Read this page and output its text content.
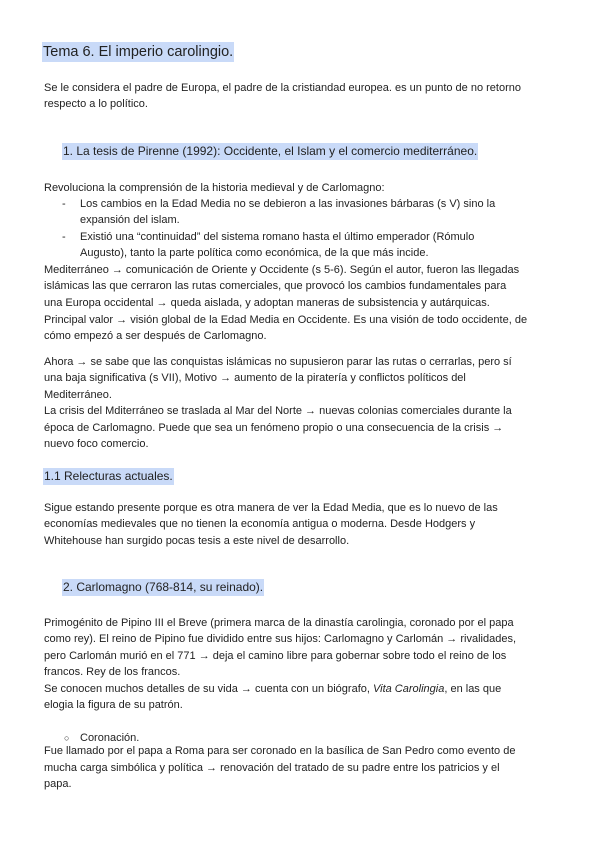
Tema 6. El imperio carolingio.
Se le considera el padre de Europa, el padre de la cristiandad europea. es un punto de no retorno
respecto a lo político.
1. La tesis de Pirenne (1992): Occidente, el Islam y el comercio mediterráneo.
Revoluciona la comprensión de la historia medieval y de Carlomagno:
- Los cambios en la Edad Media no se debieron a las invasiones bárbaras (s V) sino la
expansión del islam.
- Existió una “continuidad” del sistema romano hasta el último emperador (Rómulo
Augusto), tanto la parte política como económica, de la que más incide.
Mediterráneo → comunicación de Oriente y Occidente (s 5-6). Según el autor, fueron las llegadas
islámicas las que cerraron las rutas comerciales, que provocó los cambios fundamentales para
una Europa occidental → queda aislada, y adoptan maneras de subsistencia y autárquicas.
Principal valor → visión global de la Edad Media en Occidente. Es una visión de todo occidente, de
cómo empezó a ser después de Carlomagno.
Ahora → se sabe que las conquistas islámicas no supusieron parar las rutas o cerrarlas, pero sí
una baja significativa (s VII), Motivo → aumento de la piratería y conflictos políticos del
Mediterráneo.
La crisis del Mditerráneo se traslada al Mar del Norte → nuevas colonias comerciales durante la
época de Carlomagno. Puede que sea un fenómeno propio o una consecuencia de la crisis →
nuevo foco comercio.
1.1 Relecturas actuales.
Sigue estando presente porque es otra manera de ver la Edad Media, que es lo nuevo de las
economías medievales que no tienen la economía antigua o moderna. Desde Hodgers y
Whitehouse han surgido pocas tesis a este nivel de desarrollo.
2. Carlomagno (768-814, su reinado).
Primogénito de Pipino III el Breve (primera marca de la dinastía carolingia, coronado por el papa
como rey). El reino de Pipino fue dividido entre sus hijos: Carlomagno y Carlomán → rivalidades,
pero Carlomán murió en el 771 → deja el camino libre para gobernar sobre todo el reino de los
francos. Rey de los francos.
Se conocen muchos detalles de su vida → cuenta con un biógrafo, Vita Carolingia, en las que
elogia la figura de su patrón.
○ Coronación.
Fue llamado por el papa a Roma para ser coronado en la basílica de San Pedro como evento de
mucha carga simbólica y política → renovación del tratado de su padre entre los patricios y el
papa.
